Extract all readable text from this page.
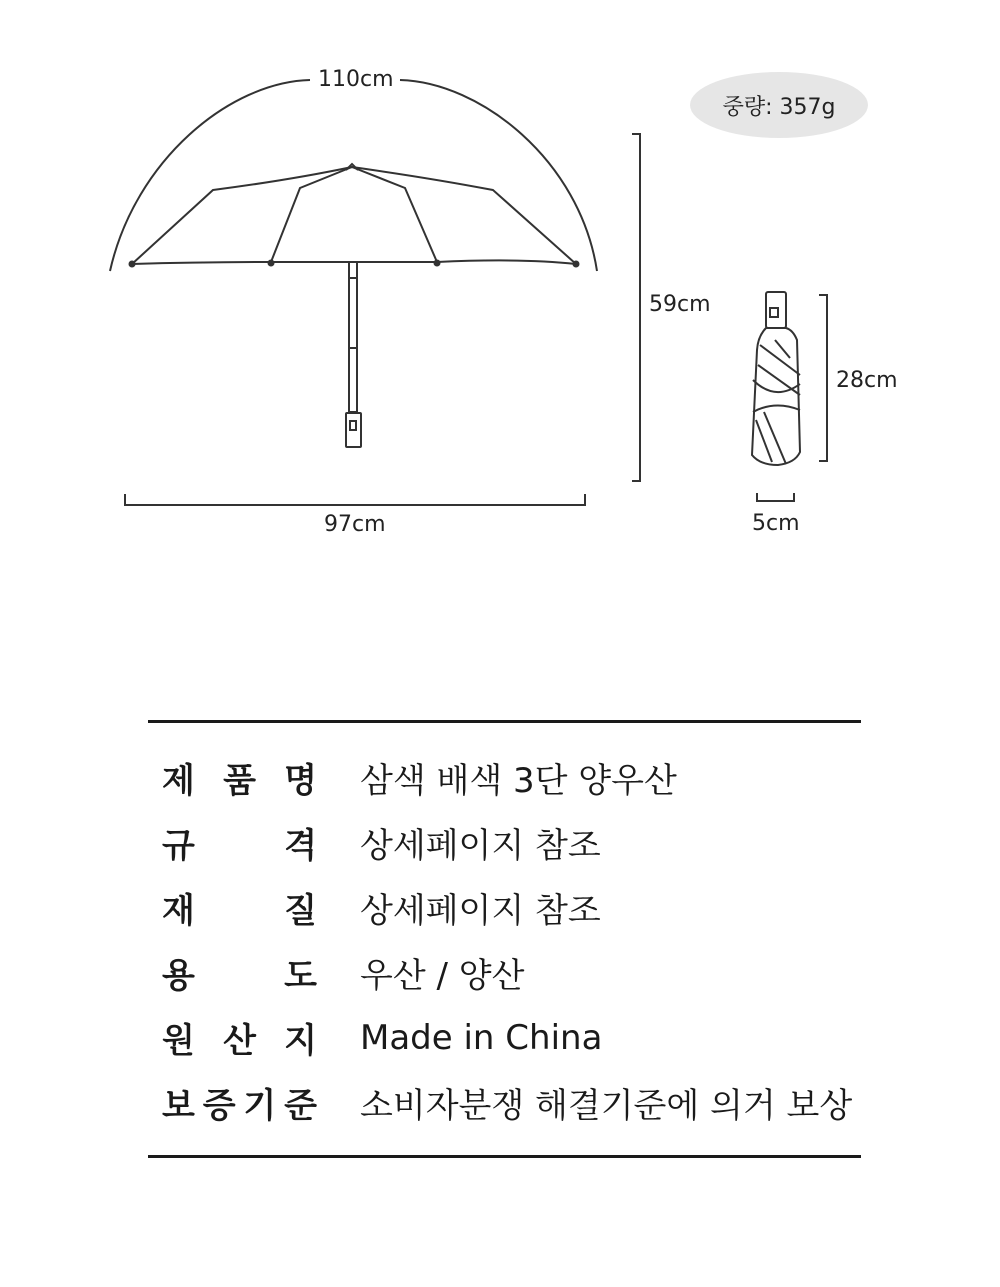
110cm
97cm
59cm
28cm
5cm
중량: 357g
제 품 명 삼색 배색 3단 양우산
규	격 상세페이지 참조
재	질 상세페이지 참조
용	도 우산 / 양산
원 산 지 Made in China
보 증 기 준 소비자분쟁 해결기준에 의거 보상
